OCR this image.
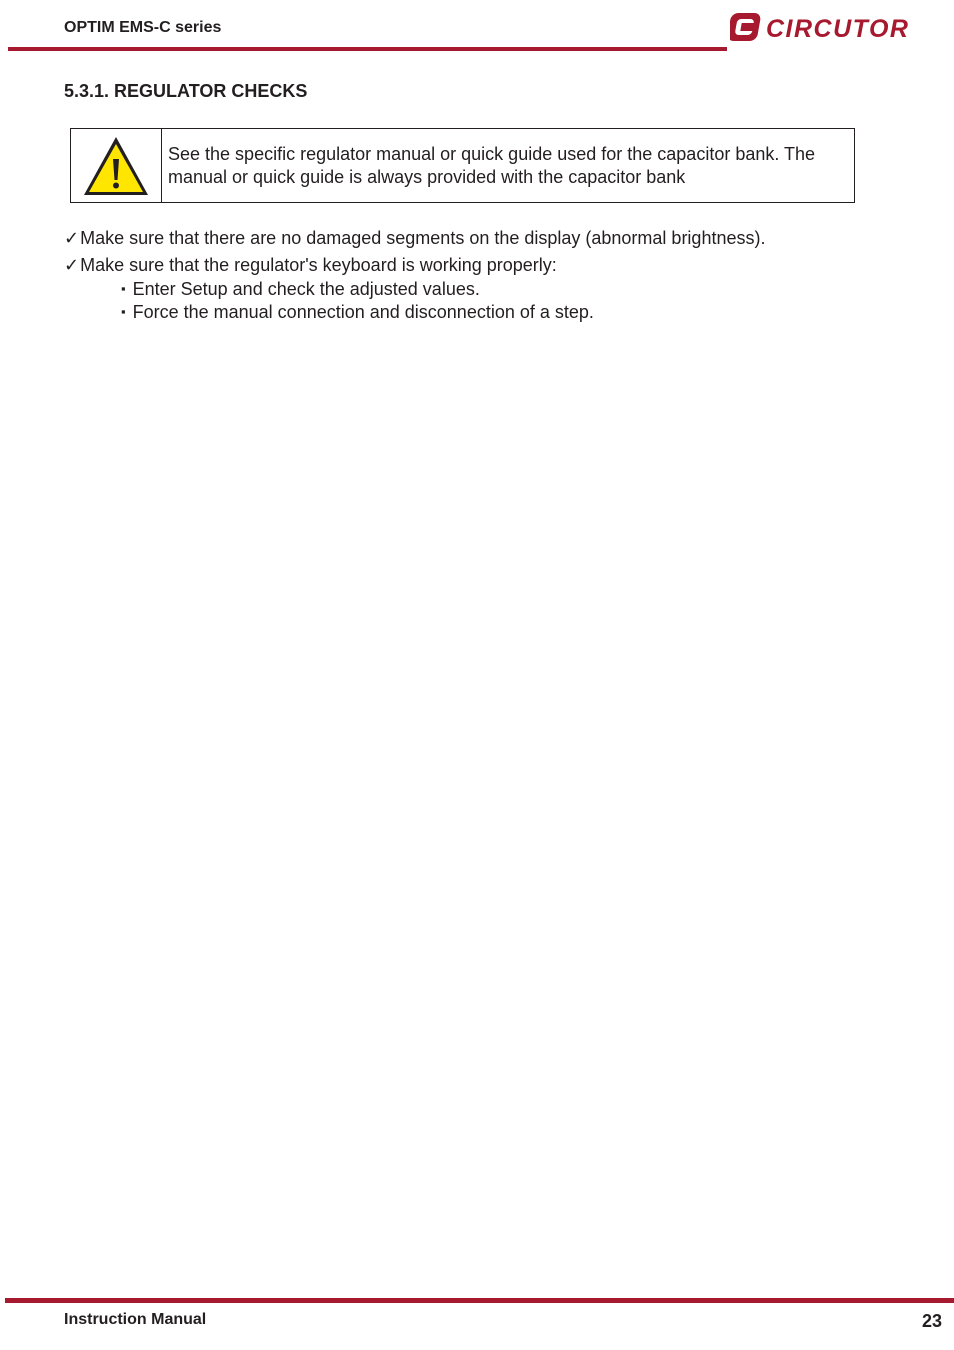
OPTIM EMS-C series	CIRCUTOR
5.3.1. REGULATOR CHECKS
See the specific regulator manual or quick guide used for the capacitor bank. The manual or quick guide is always provided with the capacitor bank
✓Make sure that there are no damaged segments on the display (abnormal brightness).
✓Make sure that the regulator's keyboard is working properly:
▪ Enter Setup and check the adjusted values.
▪ Force the manual connection and disconnection of a step.
Instruction Manual	23
